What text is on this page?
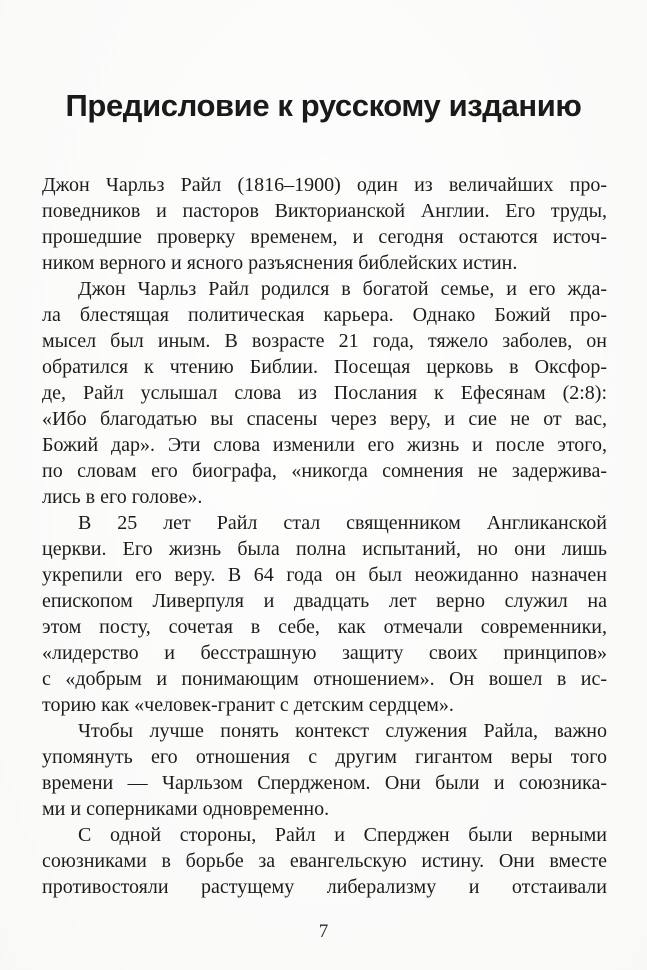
Предисловие к русскому изданию
Джон Чарльз Райл (1816–1900) один из величайших про-
поведников и пасторов Викторианской Англии. Его труды,
прошедшие проверку временем, и сегодня остаются источ-
ником верного и ясного разъяснения библейских истин.
Джон Чарльз Райл родился в богатой семье, и его жда-
ла блестящая политическая карьера. Однако Божий про-
мысел был иным. В возрасте 21 года, тяжело заболев, он
обратился к чтению Библии. Посещая церковь в Оксфор-
де, Райл услышал слова из Послания к Ефесянам (2:8):
«Ибо благодатью вы спасены через веру, и сие не от вас,
Божий дар». Эти слова изменили его жизнь и после этого,
по словам его биографа, «никогда сомнения не задержива-
лись в его голове».
В 25 лет Райл стал священником Англиканской
церкви. Его жизнь была полна испытаний, но они лишь
укрепили его веру. В 64 года он был неожиданно назначен
епископом Ливерпуля и двадцать лет верно служил на
этом посту, сочетая в себе, как отмечали современники,
«лидерство и бесстрашную защиту своих принципов»
с «добрым и понимающим отношением». Он вошел в ис-
торию как «человек-гранит с детским сердцем».
Чтобы лучше понять контекст служения Райла, важно
упомянуть его отношения с другим гигантом веры того
времени — Чарльзом Спердженом. Они были и союзника-
ми и соперниками одновременно.
С одной стороны, Райл и Сперджен были верными
союзниками в борьбе за евангельскую истину. Они вместе
противостояли растущему либерализму и отстаивали
7
